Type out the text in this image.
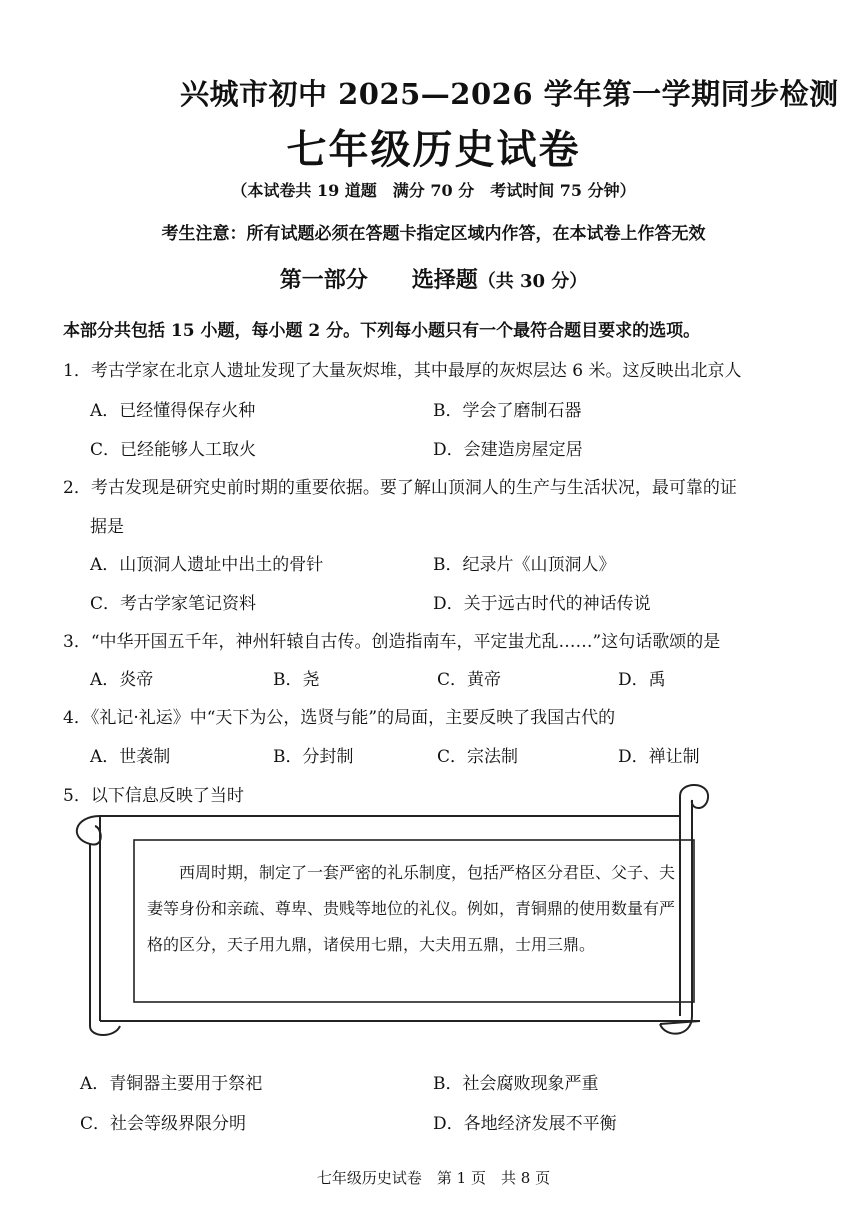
兴城市初中 2025—2026 学年第一学期同步检测
七年级历史试卷
（本试卷共 19 道题　满分 70 分　考试时间 75 分钟）
考生注意：所有试题必须在答题卡指定区域内作答，在本试卷上作答无效
第一部分　　选择题（共 30 分）
本部分共包括 15 小题，每小题 2 分。下列每小题只有一个最符合题目要求的选项。
1．考古学家在北京人遗址发现了大量灰烬堆，其中最厚的灰烬层达 6 米。这反映出北京人
A．已经懂得保存火种	B．学会了磨制石器
C．已经能够人工取火	D．会建造房屋定居
2．考古发现是研究史前时期的重要依据。要了解山顶洞人的生产与生活状况，最可靠的证
据是
A．山顶洞人遗址中出土的骨针	B．纪录片《山顶洞人》
C．考古学家笔记资料	D．关于远古时代的神话传说
3．“中华开国五千年，神州轩辕自古传。创造指南车，平定蚩尤乱……”这句话歌颂的是
A．炎帝	B．尧	C．黄帝	D．禹
4．《礼记·礼运》中“天下为公，选贤与能”的局面，主要反映了我国古代的
A．世袭制	B．分封制	C．宗法制	D．禅让制
5．以下信息反映了当时

西周时期，制定了一套严密的礼乐制度，包括严格区分君臣、父子、夫妻等身份和亲疏、尊卑、贵贱等地位的礼仪。例如，青铜鼎的使用数量有严格的区分，天子用九鼎，诸侯用七鼎，大夫用五鼎，士用三鼎。

A．青铜器主要用于祭祀	B．社会腐败现象严重
C．社会等级界限分明	D．各地经济发展不平衡
七年级历史试卷　第 1 页　共 8 页
